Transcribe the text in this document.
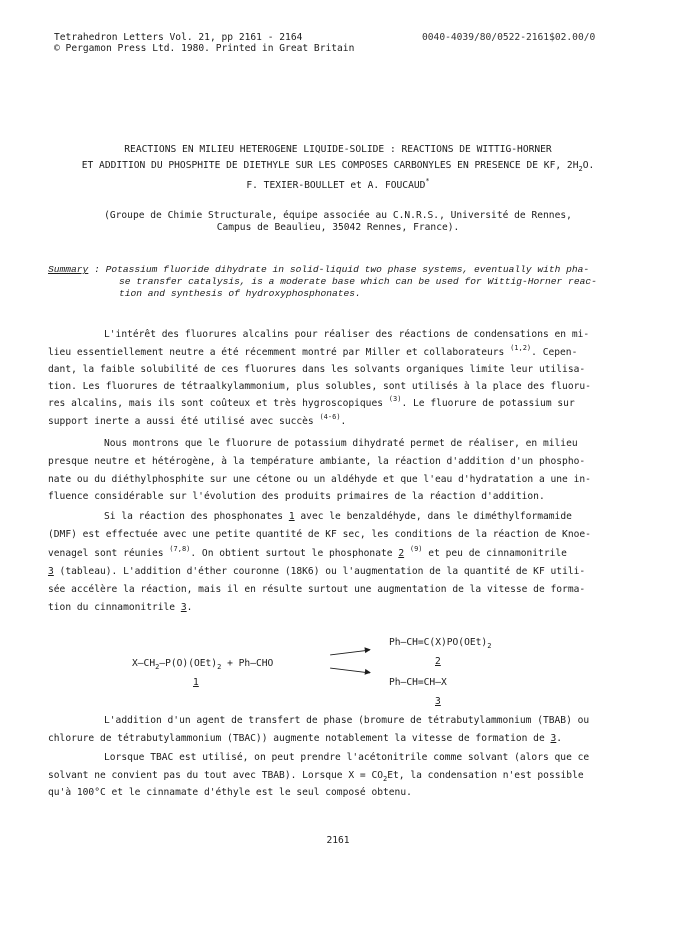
Tetrahedron Letters Vol. 21, pp 2161 - 2164
© Pergamon Press Ltd. 1980. Printed in Great Britain
0040-4039/80/0522-2161$02.00/0
REACTIONS EN MILIEU HETEROGENE LIQUIDE-SOLIDE : REACTIONS DE WITTIG-HORNER
ET ADDITION DU PHOSPHITE DE DIETHYLE SUR LES COMPOSES CARBONYLES EN PRESENCE DE KF, $2H_2O$.
F. TEXIER-BOULLET et A. FOUCAUD*
(Groupe de Chimie Structurale, équipe associée au C.N.R.S., Université de Rennes,
Campus de Beaulieu, 35042 Rennes, France).
Summary : Potassium fluoride dihydrate in solid-liquid two phase systems, eventually with pha-
se transfer catalysis, is a moderate base which can be used for Wittig-Horner reac-
tion and synthesis of hydroxyphosphonates.
L'intérêt des fluorures alcalins pour réaliser des réactions de condensations en mi-
lieu essentiellement neutre a été récemment montré par Miller et collaborateurs $^{(1,2)}$. Cepen-
dant, la faible solubilité de ces fluorures dans les solvants organiques limite leur utilisa-
tion. Les fluorures de tétraalkylammonium, plus solubles, sont utilisés à la place des fluoru-
res alcalins, mais ils sont coûteux et très hygroscopiques $^{(3)}$. Le fluorure de potassium sur
support inerte a aussi été utilisé avec succès $^{(4-6)}$.
Nous montrons que le fluorure de potassium dihydraté permet de réaliser, en milieu
presque neutre et hétérogène, à la température ambiante, la réaction d'addition d'un phospho-
nate ou du diéthylphosphite sur une cétone ou un aldéhyde et que l'eau d'hydratation a une in-
fluence considérable sur l'évolution des produits primaires de la réaction d'addition.
Si la réaction des phosphonates 1 avec le benzaldéhyde, dans le diméthylformamide
(DMF) est effectuée avec une petite quantité de KF sec, les conditions de la réaction de Knoe-
venagel sont réunies $^{(7,8)}$. On obtient surtout le phosphonate 2 $^{(9)}$ et peu de cinnamonitrile
3 (tableau). L'addition d'éther couronne (18K6) ou l'augmentation de la quantité de KF utili-
sée accélère la réaction, mais il en résulte surtout une augmentation de la vitesse de forma-
tion du cinnamonitrile 3.
$X—CH_2—P(O)(OEt)_2$ + Ph—CHO
1
$Ph—CH=C(X)PO(OEt)_2$
2
Ph—CH=CH—X
3
L'addition d'un agent de transfert de phase (bromure de tétrabutylammonium (TBAB) ou
chlorure de tétrabutylammonium (TBAC)) augmente notablement la vitesse de formation de 3.
Lorsque TBAC est utilisé, on peut prendre l'acétonitrile comme solvant (alors que ce
solvant ne convient pas du tout avec TBAB). Lorsque $X = CO_2Et$, la condensation n'est possible
qu'à 100°C et le cinnamate d'éthyle est le seul composé obtenu.
2161
